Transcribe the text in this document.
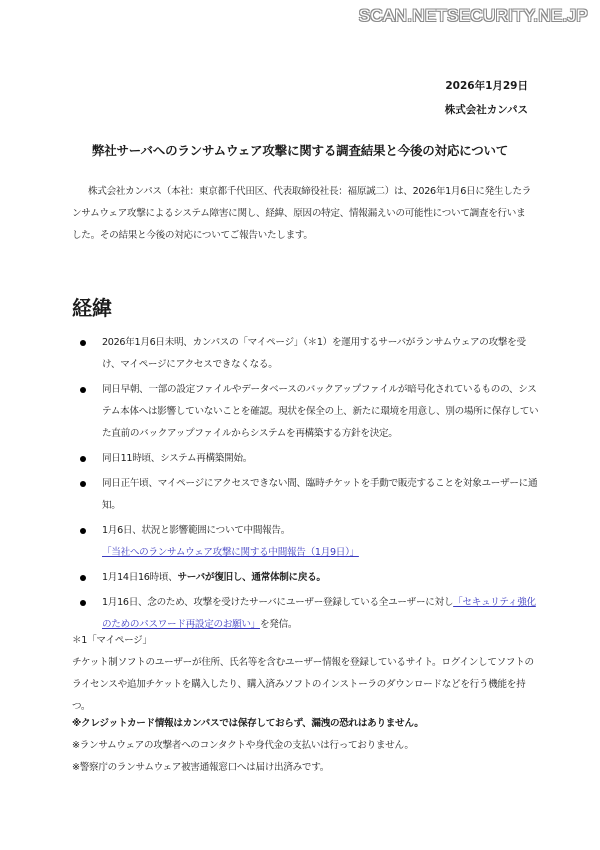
SCAN.NETSECURITY.NE.JP
2026年1月29日
株式会社カンパス
弊社サーバへのランサムウェア攻撃に関する調査結果と今後の対応について

株式会社カンパス（本社：東京都千代田区、代表取締役社長：福原誠二）は、2026年1月6日に発生したランサムウェア攻撃によるシステム障害に関し、経緯、原因の特定、情報漏えいの可能性について調査を行いました。その結果と今後の対応についてご報告いたします。

経緯
2026年1月6日未明、カンパスの「マイページ」（＊1）を運用するサーバがランサムウェアの攻撃を受け、マイページにアクセスできなくなる。
同日早朝、一部の設定ファイルやデータベースのバックアップファイルが暗号化されているものの、システム本体へは影響していないことを確認。現状を保全の上、新たに環境を用意し、別の場所に保存していた直前のバックアップファイルからシステムを再構築する方針を決定。
同日11時頃、システム再構築開始。
同日正午頃、マイページにアクセスできない間、臨時チケットを手動で販売することを対象ユーザーに通知。
1月6日、状況と影響範囲について中間報告。
「当社へのランサムウェア攻撃に関する中間報告（1月9日）」
1月14日16時頃、サーバが復旧し、通常体制に戻る。
1月16日、念のため、攻撃を受けたサーバにユーザー登録している全ユーザーに対し「セキュリティ強化のためのパスワード再設定のお願い」を発信。
＊1「マイページ」
チケット制ソフトのユーザーが住所、氏名等を含むユーザー情報を登録しているサイト。ログインしてソフトのライセンスや追加チケットを購入したり、購入済みソフトのインストーラのダウンロードなどを行う機能を持つ。
※クレジットカード情報はカンパスでは保存しておらず、漏洩の恐れはありません。
※ランサムウェアの攻撃者へのコンタクトや身代金の支払いは行っておりません。
※警察庁のランサムウェア被害通報窓口へは届け出済みです。
